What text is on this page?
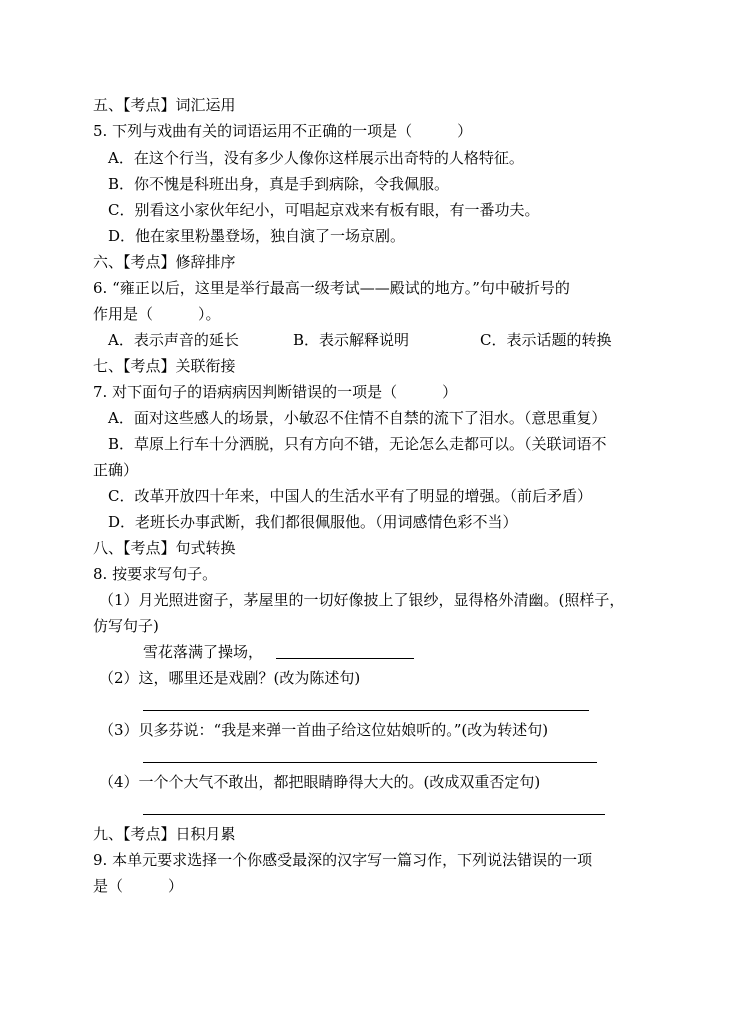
五、【考点】词汇运用
5. 下列与戏曲有关的词语运用不正确的一项是（　　　）
A．在这个行当，没有多少人像你这样展示出奇特的人格特征。
B．你不愧是科班出身，真是手到病除，令我佩服。
C．别看这小家伙年纪小，可唱起京戏来有板有眼，有一番功夫。
D．他在家里粉墨登场，独自演了一场京剧。
六、【考点】修辞排序
6. “雍正以后，这里是举行最高一级考试——殿试的地方。”句中破折号的
作用是（　　　）。
A．表示声音的延长	B．表示解释说明	C．表示话题的转换
七、【考点】关联衔接
7. 对下面句子的语病病因判断错误的一项是（　　　）
A．面对这些感人的场景，小敏忍不住情不自禁的流下了泪水。（意思重复）
B．草原上行车十分洒脱，只有方向不错，无论怎么走都可以。（关联词语不
正确）
C．改革开放四十年来，中国人的生活水平有了明显的增强。（前后矛盾）
D．老班长办事武断，我们都很佩服他。（用词感情色彩不当）
八、【考点】句式转换
8. 按要求写句子。
（1）月光照进窗子，茅屋里的一切好像披上了银纱，显得格外清幽。(照样子，
仿写句子)
雪花落满了操场，
（2）这，哪里还是戏剧？(改为陈述句)
（3）贝多芬说：“我是来弹一首曲子给这位姑娘听的。”(改为转述句)
（4）一个个大气不敢出，都把眼睛睁得大大的。(改成双重否定句)
九、【考点】日积月累
9. 本单元要求选择一个你感受最深的汉字写一篇习作，下列说法错误的一项
是（　　　）
